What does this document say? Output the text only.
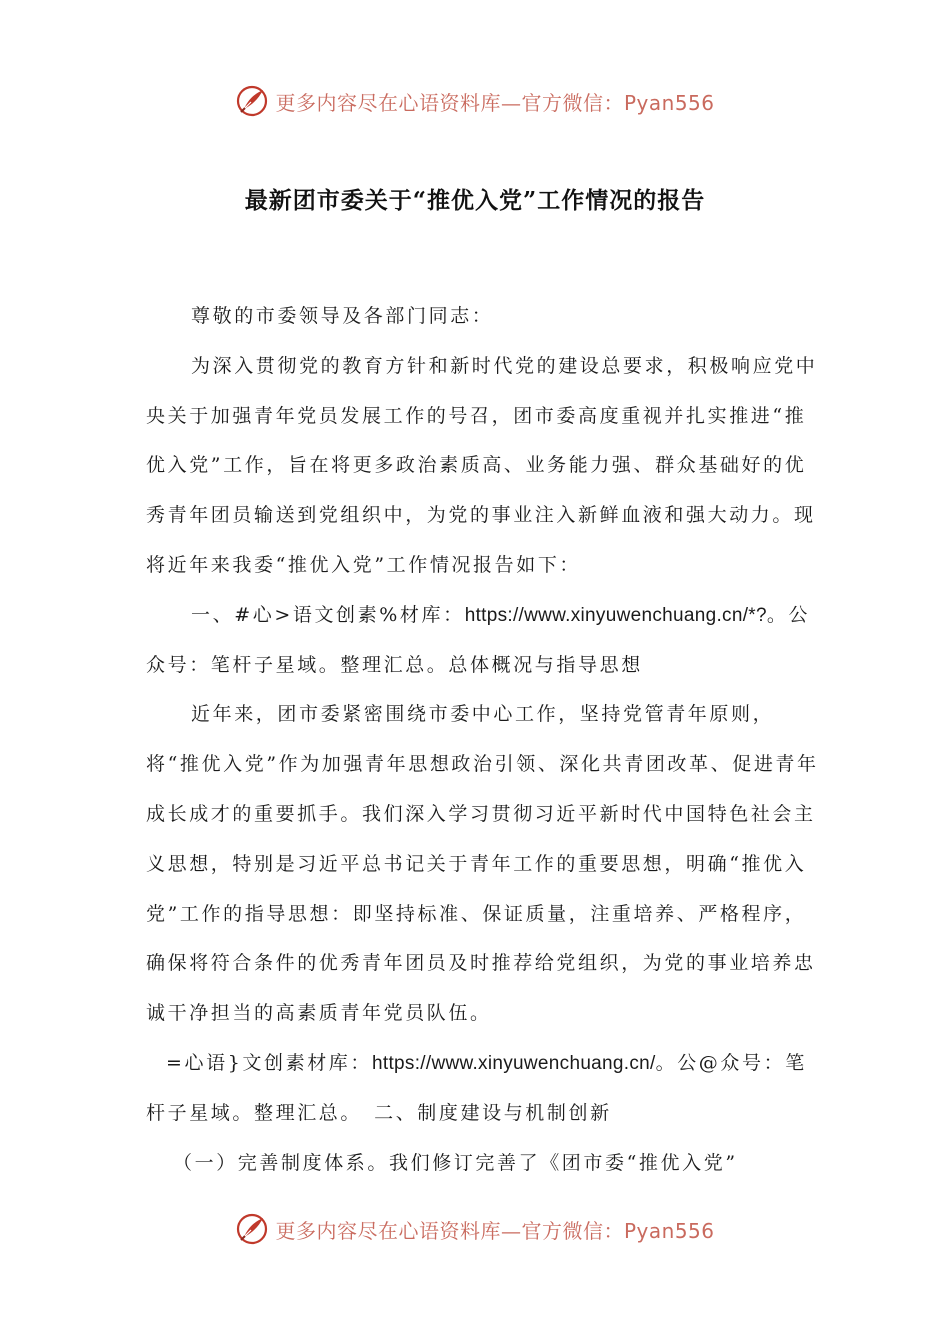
更多内容尽在心语资料库—官方微信：Pyan556
最新团市委关于“推优入党”工作情况的报告

尊敬的市委领导及各部门同志：

为深入贯彻党的教育方针和新时代党的建设总要求，积极响应党中央关于加强青年党员发展工作的号召，团市委高度重视并扎实推进“推优入党”工作，旨在将更多政治素质高、业务能力强、群众基础好的优秀青年团员输送到党组织中，为党的事业注入新鲜血液和强大动力。现将近年来我委“推优入党”工作情况报告如下：

一、#心>语文创素%材库：https://www.xinyuwenchuang.cn/*?。公众号：笔杆子星域。整理汇总。总体概况与指导思想

近年来，团市委紧密围绕市委中心工作，坚持党管青年原则，将“推优入党”作为加强青年思想政治引领、深化共青团改革、促进青年成长成才的重要抓手。我们深入学习贯彻习近平新时代中国特色社会主义思想，特别是习近平总书记关于青年工作的重要思想，明确“推优入党”工作的指导思想：即坚持标准、保证质量，注重培养、严格程序，确保将符合条件的优秀青年团员及时推荐给党组织，为党的事业培养忠诚干净担当的高素质青年党员队伍。

=心语}文创素材库：https://www.xinyuwenchuang.cn/。公@众号：笔杆子星域。整理汇总。　二、制度建设与机制创新

（一）完善制度体系。我们修订完善了《团市委“推优入党”

更多内容尽在心语资料库—官方微信：Pyan556
